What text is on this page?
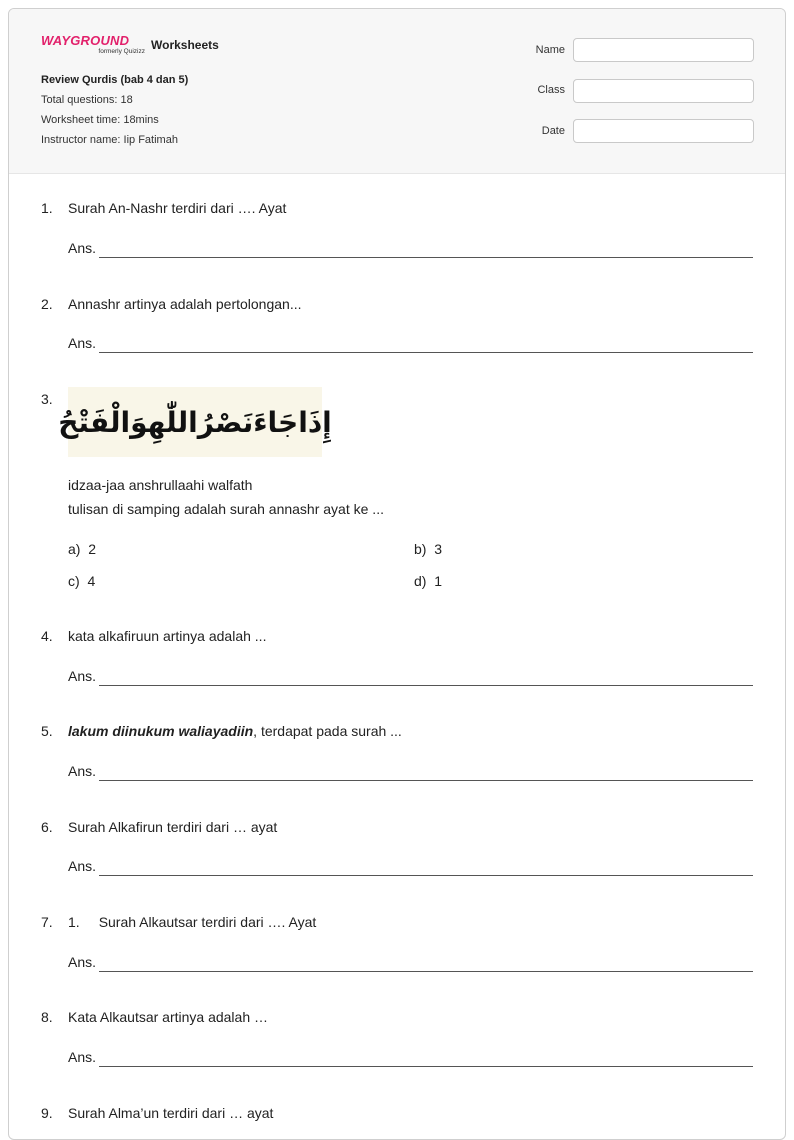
WAYGROUND
formerly Quizizz Worksheets
Review Qurdis (bab 4 dan 5)
Total questions: 18
Worksheet time: 18mins
Instructor name: Iip Fatimah
Name
Class
Date
1. Surah An-Nashr terdiri dari …. Ayat
Ans.
2. Annashr artinya adalah pertolongan...
Ans.
3.
إِذَاجَاءَنَصْرُاللّٰهِوَالْفَتْحُ
idzaa-jaa anshrullaahi walfath
tulisan di samping adalah surah annashr ayat ke ...
a) 2	b) 3
c) 4	d) 1
4. kata alkafiruun artinya adalah ...
Ans.
5. lakum diinukum waliayadiin, terdapat pada surah ...
Ans.
6. Surah Alkafirun terdiri dari … ayat
Ans.
7. 1. Surah Alkautsar terdiri dari …. Ayat
Ans.
8. Kata Alkautsar artinya adalah …
Ans.
9. Surah Alma’un terdiri dari … ayat
